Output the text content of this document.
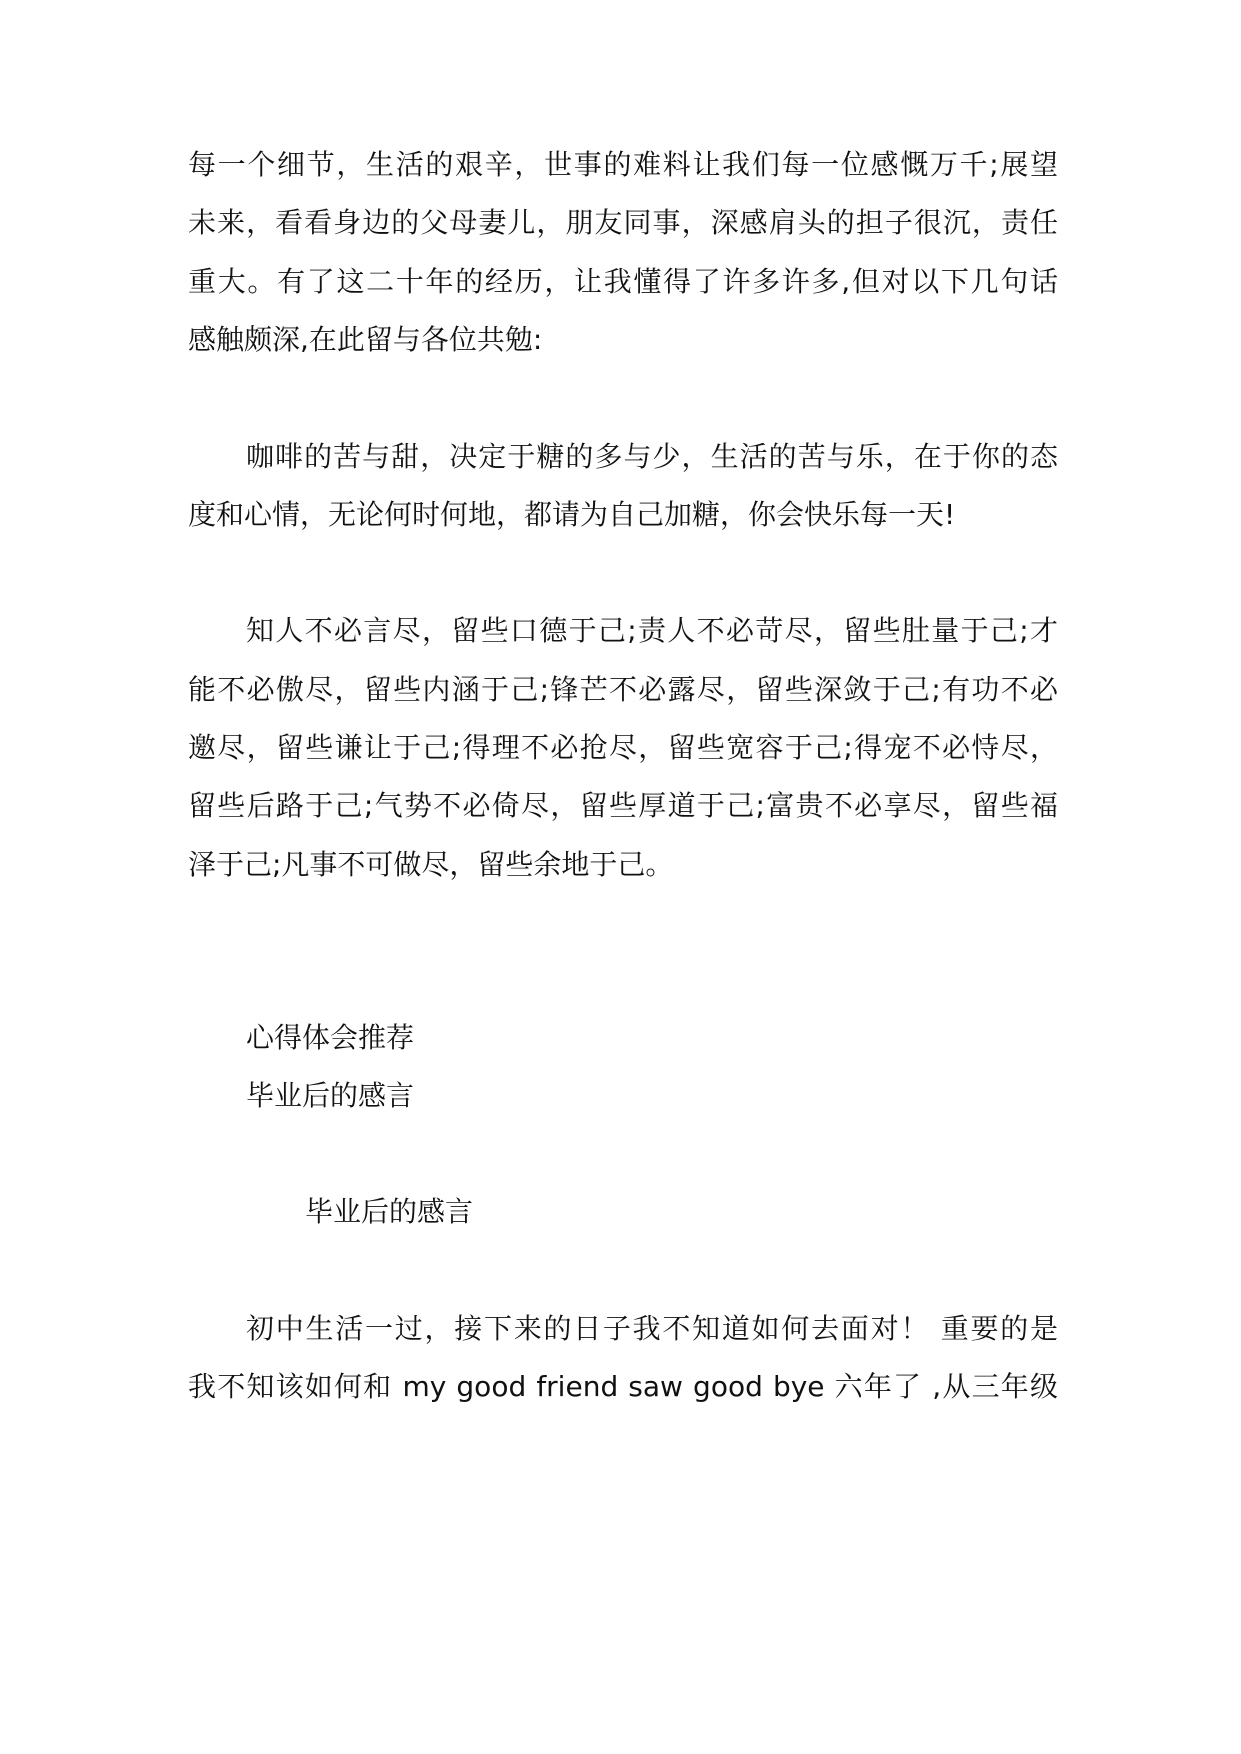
每一个细节，生活的艰辛，世事的难料让我们每一位感慨万千;展望
未来，看看身边的父母妻儿，朋友同事，深感肩头的担子很沉，责任
重大。有了这二十年的经历，让我懂得了许多许多,但对以下几句话
感触颇深,在此留与各位共勉:
咖啡的苦与甜，决定于糖的多与少，生活的苦与乐，在于你的态
度和心情，无论何时何地，都请为自己加糖，你会快乐每一天!
知人不必言尽，留些口德于己;责人不必苛尽，留些肚量于己;才
能不必傲尽，留些内涵于己;锋芒不必露尽，留些深敛于己;有功不必
邀尽，留些谦让于己;得理不必抢尽，留些宽容于己;得宠不必恃尽，
留些后路于己;气势不必倚尽，留些厚道于己;富贵不必享尽，留些福
泽于己;凡事不可做尽，留些余地于己。
心得体会推荐
毕业后的感言
毕业后的感言
初中生活一过，接下来的日子我不知道如何去面对！ 重要的是
我不知该如何和 my good friend saw good bye 六年了 ,从三年级
